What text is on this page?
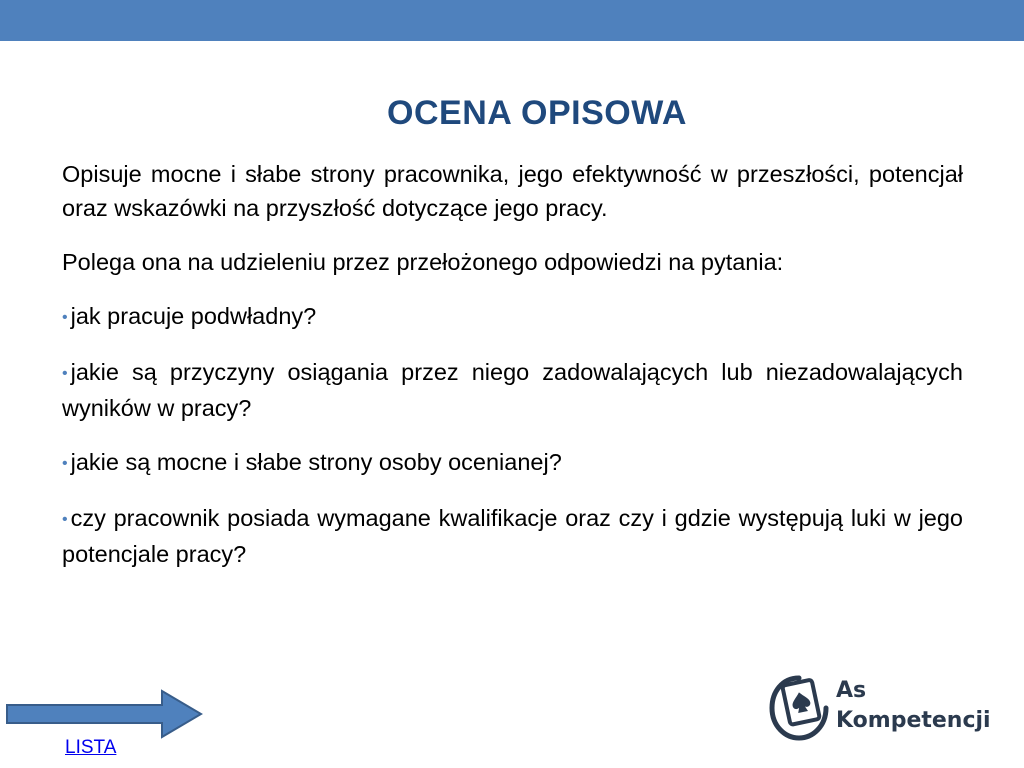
OCENA OPISOWA

Opisuje mocne i słabe strony pracownika, jego efektywność w przeszłości, potencjał oraz wskazówki na przyszłość dotyczące jego pracy.

Polega ona na udzieleniu przez przełożonego odpowiedzi na pytania:

• jak pracuje podwładny?

• jakie są przyczyny osiągania przez niego zadowalających lub niezadowalających wyników w pracy?

• jakie są mocne i słabe strony osoby ocenianej?

• czy pracownik posiada wymagane kwalifikacje oraz czy i gdzie występują luki w jego potencjale pracy?

LISTA
As
Kompetencji
